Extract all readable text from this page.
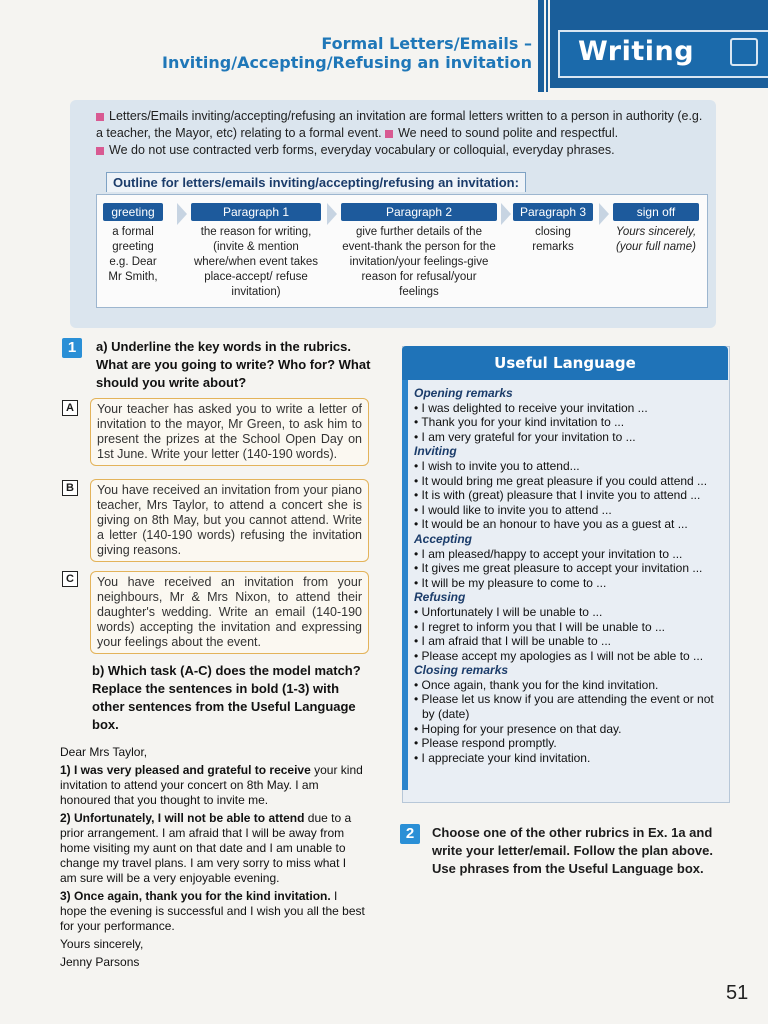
Formal Letters/Emails –
Inviting/Accepting/Refusing an invitation Writing
Letters/Emails inviting/accepting/refusing an invitation are formal letters written to a person in authority (e.g. a teacher, the Mayor, etc) relating to a formal event. We need to sound polite and respectful.
We do not use contracted verb forms, everyday vocabulary or colloquial, everyday phrases.
Outline for letters/emails inviting/accepting/refusing an invitation:
greeting
a formal greeting e.g. Dear Mr Smith,
Paragraph 1
the reason for writing, (invite & mention where/when event takes place-accept/ refuse invitation)
Paragraph 2
give further details of the event-thank the person for the invitation/your feelings-give reason for refusal/your feelings
Paragraph 3
closing remarks
sign off
Yours sincerely, (your full name)
1	a) Underline the key words in the rubrics. What are you going to write? Who for? What should you write about?
A	Your teacher has asked you to write a letter of invitation to the mayor, Mr Green, to ask him to present the prizes at the School Open Day on 1st June. Write your letter (140-190 words).
B	You have received an invitation from your piano teacher, Mrs Taylor, to attend a concert she is giving on 8th May, but you cannot attend. Write a letter (140-190 words) refusing the invitation giving reasons.
C	You have received an invitation from your neighbours, Mr & Mrs Nixon, to attend their daughter's wedding. Write an email (140-190 words) accepting the invitation and expressing your feelings about the event.
b) Which task (A-C) does the model match? Replace the sentences in bold (1-3) with other sentences from the Useful Language box.
Dear Mrs Taylor,
1) I was very pleased and grateful to receive your kind invitation to attend your concert on 8th May. I am honoured that you thought to invite me.
2) Unfortunately, I will not be able to attend due to a prior arrangement. I am afraid that I will be away from home visiting my aunt on that date and I am unable to change my travel plans. I am very sorry to miss what I am sure will be a very enjoyable evening.
3) Once again, thank you for the kind invitation. I hope the evening is successful and I wish you all the best for your performance.
Yours sincerely,
Jenny Parsons
Useful Language
Opening remarks
• I was delighted to receive your invitation ...
• Thank you for your kind invitation to ...
• I am very grateful for your invitation to ...
Inviting
• I wish to invite you to attend...
• It would bring me great pleasure if you could attend ...
• It is with (great) pleasure that I invite you to attend ...
• I would like to invite you to attend ...
• It would be an honour to have you as a guest at ...
Accepting
• I am pleased/happy to accept your invitation to ...
• It gives me great pleasure to accept your invitation ...
• It will be my pleasure to come to ...
Refusing
• Unfortunately I will be unable to ...
• I regret to inform you that I will be unable to ...
• I am afraid that I will be unable to ...
• Please accept my apologies as I will not be able to ...
Closing remarks
• Once again, thank you for the kind invitation.
• Please let us know if you are attending the event or not by (date)
• Hoping for your presence on that day.
• Please respond promptly.
• I appreciate your kind invitation.
2	Choose one of the other rubrics in Ex. 1a and write your letter/email. Follow the plan above. Use phrases from the Useful Language box.
51
